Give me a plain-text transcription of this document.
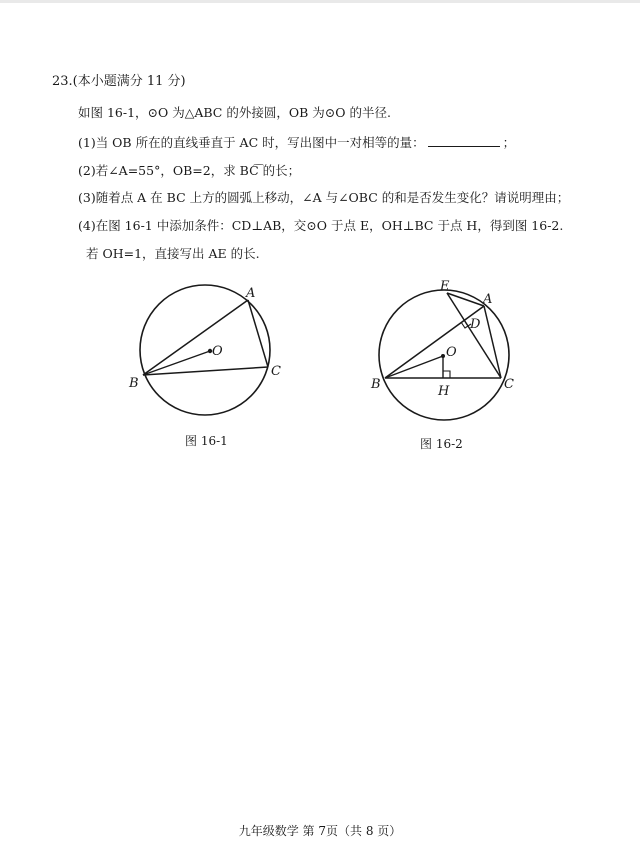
23.(本小题满分 11 分)
如图 16-1，⊙O 为△ABC 的外接圆，OB 为⊙O 的半径.
(1)当 OB 所在的直线垂直于 AC 时，写出图中一对相等的量：	；
(2)若∠A=55°，OB=2，求 BC͡ 的长；
(3)随着点 A 在 BC 上方的圆弧上移动，∠A 与∠OBC 的和是否发生变化？请说明理由；
(4)在图 16-1 中添加条件：CD⊥AB，交⊙O 于点 E，OH⊥BC 于点 H，得到图 16-2.
若 OH=1，直接写出 AE 的长.
A
B
C
O
图 16-1
E
A
D
O
B	C
H
图 16-2
九年级数学 第 7页（共 8 页）
